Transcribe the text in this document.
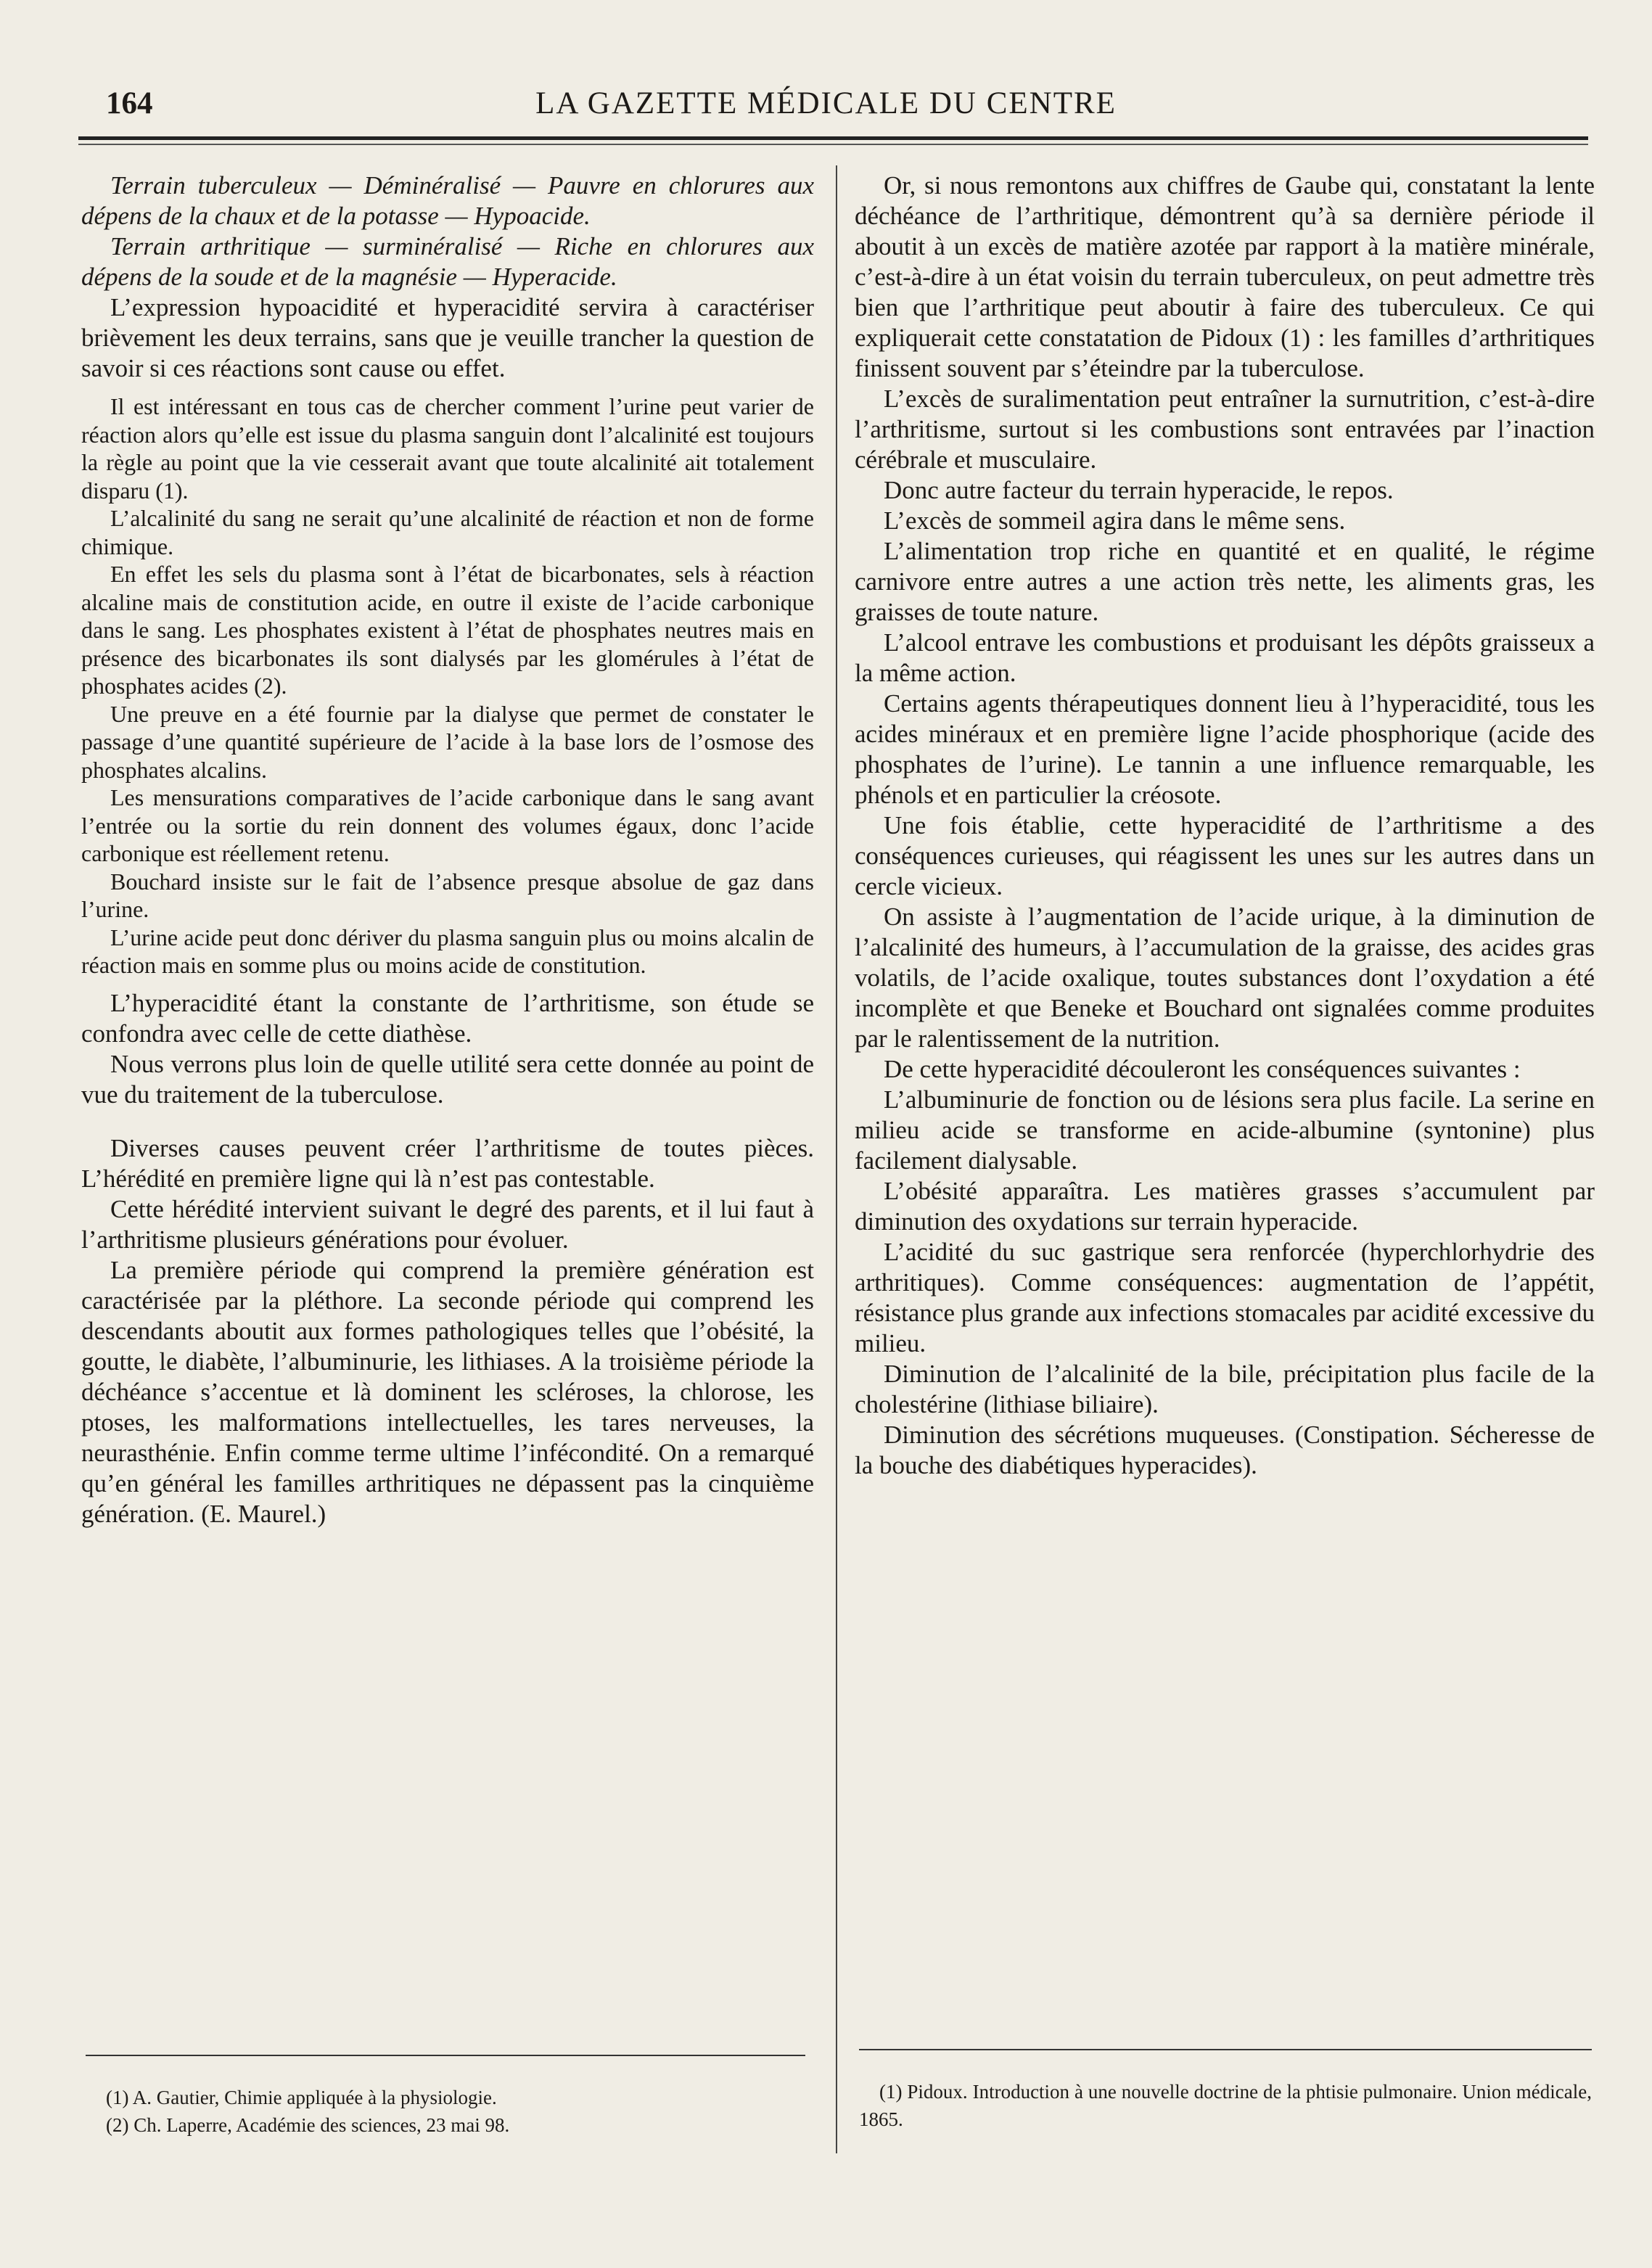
164	LA GAZETTE MÉDICALE DU CENTRE

Terrain tuberculeux — Déminéralisé — Pauvre en chlorures aux dépens de la chaux et de la potasse — Hypoacide.

Terrain arthritique — surminéralisé — Riche en chlorures aux dépens de la soude et de la magnésie — Hyperacide.

L’expression hypoacidité et hyperacidité servira à caractériser brièvement les deux terrains, sans que je veuille trancher la question de savoir si ces réactions sont cause ou effet.

Il est intéressant en tous cas de chercher comment l’urine peut varier de réaction alors qu’elle est issue du plasma sanguin dont l’alcalinité est toujours la règle au point que la vie cesserait avant que toute alcalinité ait totalement disparu (1).

L’alcalinité du sang ne serait qu’une alcalinité de réaction et non de forme chimique.

En effet les sels du plasma sont à l’état de bicarbonates, sels à réaction alcaline mais de constitution acide, en outre il existe de l’acide carbonique dans le sang. Les phosphates existent à l’état de phosphates neutres mais en présence des bicarbonates ils sont dialysés par les glomérules à l’état de phosphates acides (2).

Une preuve en a été fournie par la dialyse que permet de constater le passage d’une quantité supérieure de l’acide à la base lors de l’osmose des phosphates alcalins.

Les mensurations comparatives de l’acide carbonique dans le sang avant l’entrée ou la sortie du rein donnent des volumes égaux, donc l’acide carbonique est réellement retenu.

Bouchard insiste sur le fait de l’absence presque absolue de gaz dans l’urine.

L’urine acide peut donc dériver du plasma sanguin plus ou moins alcalin de réaction mais en somme plus ou moins acide de constitution.

L’hyperacidité étant la constante de l’arthritisme, son étude se confondra avec celle de cette diathèse.

Nous verrons plus loin de quelle utilité sera cette donnée au point de vue du traitement de la tuberculose.

Diverses causes peuvent créer l’arthritisme de toutes pièces. L’hérédité en première ligne qui là n’est pas contestable.

Cette hérédité intervient suivant le degré des parents, et il lui faut à l’arthritisme plusieurs générations pour évoluer.

La première période qui comprend la première génération est caractérisée par la pléthore. La seconde période qui comprend les descendants aboutit aux formes pathologiques telles que l’obésité, la goutte, le diabète, l’albuminurie, les lithiases. A la troisième période la déchéance s’accentue et là dominent les scléroses, la chlorose, les ptoses, les malformations intellectuelles, les tares nerveuses, la neurasthénie. Enfin comme terme ultime l’infécondité. On a remarqué qu’en général les familles arthritiques ne dépassent pas la cinquième génération. (E. Maurel.)

Or, si nous remontons aux chiffres de Gaube qui, constatant la lente déchéance de l’arthritique, démontrent qu’à sa dernière période il aboutit à un excès de matière azotée par rapport à la matière minérale, c’est-à-dire à un état voisin du terrain tuberculeux, on peut admettre très bien que l’arthritique peut aboutir à faire des tuberculeux. Ce qui expliquerait cette constatation de Pidoux (1) : les familles d’arthritiques finissent souvent par s’éteindre par la tuberculose.

L’excès de suralimentation peut entraîner la surnutrition, c’est-à-dire l’arthritisme, surtout si les combustions sont entravées par l’inaction cérébrale et musculaire.

Donc autre facteur du terrain hyperacide, le repos.

L’excès de sommeil agira dans le même sens.

L’alimentation trop riche en quantité et en qualité, le régime carnivore entre autres a une action très nette, les aliments gras, les graisses de toute nature.

L’alcool entrave les combustions et produisant les dépôts graisseux a la même action.

Certains agents thérapeutiques donnent lieu à l’hyperacidité, tous les acides minéraux et en première ligne l’acide phosphorique (acide des phosphates de l’urine). Le tannin a une influence remarquable, les phénols et en particulier la créosote.

Une fois établie, cette hyperacidité de l’arthritisme a des conséquences curieuses, qui réagissent les unes sur les autres dans un cercle vicieux.

On assiste à l’augmentation de l’acide urique, à la diminution de l’alcalinité des humeurs, à l’accumulation de la graisse, des acides gras volatils, de l’acide oxalique, toutes substances dont l’oxydation a été incomplète et que Beneke et Bouchard ont signalées comme produites par le ralentissement de la nutrition.

De cette hyperacidité découleront les conséquences suivantes :

L’albuminurie de fonction ou de lésions sera plus facile. La serine en milieu acide se transforme en acide-albumine (syntonine) plus facilement dialysable.

L’obésité apparaîtra. Les matières grasses s’accumulent par diminution des oxydations sur terrain hyperacide.

L’acidité du suc gastrique sera renforcée (hyperchlorhydrie des arthritiques). Comme conséquences: augmentation de l’appétit, résistance plus grande aux infections stomacales par acidité excessive du milieu.

Diminution de l’alcalinité de la bile, précipitation plus facile de la cholestérine (lithiase biliaire).

Diminution des sécrétions muqueuses. (Constipation. Sécheresse de la bouche des diabétiques hyperacides).

(1) A. Gautier, Chimie appliquée à la physiologie.
(2) Ch. Laperre, Académie des sciences, 23 mai 98.
(1) Pidoux. Introduction à une nouvelle doctrine de la phtisie pulmonaire. Union médicale, 1865.
